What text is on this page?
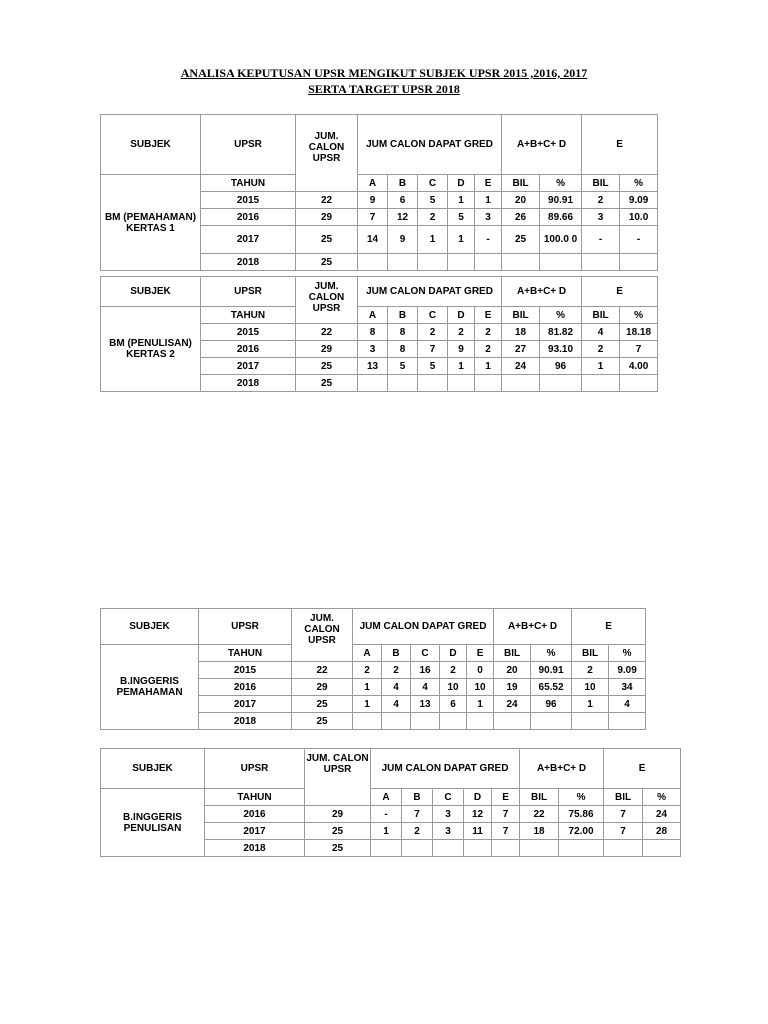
ANALISA KEPUTUSAN UPSR MENGIKUT SUBJEK UPSR 2015 ,2016, 2017
SERTA TARGET UPSR 2018
SUBJEK	UPSR	JUM. CALON UPSR	JUM CALON DAPAT GRED					A+B+C+ D		E	
BM (PEMAHAMAN) KERTAS 1	TAHUN		A	B	C	D	E	BIL	%	BIL	%
	2015	22	9	6	5	1	1	20	90.91	2	9.09
	2016	29	7	12	2	5	3	26	89.66	3	10.0
	2017	25	14	9	1	1	-	25	100.0 0	-	-
	2018	25									
SUBJEK	UPSR	JUM. CALON UPSR	JUM CALON DAPAT GRED					A+B+C+ D		E	
BM (PENULISAN) KERTAS 2	TAHUN		A	B	C	D	E	BIL	%	BIL	%
	2015	22	8	8	2	2	2	18	81.82	4	18.18
	2016	29	3	8	7	9	2	27	93.10	2	7
	2017	25	13	5	5	1	1	24	96	1	4.00
	2018	25									
SUBJEK	UPSR	JUM. CALON UPSR	JUM CALON DAPAT GRED					A+B+C+ D		E	
B.INGGERIS PEMAHAMAN	TAHUN		A	B	C	D	E	BIL	%	BIL	%
	2015	22	2	2	16	2	0	20	90.91	2	9.09
	2016	29	1	4	4	10	10	19	65.52	10	34
	2017	25	1	4	13	6	1	24	96	1	4
	2018	25									
SUBJEK	UPSR	JUM. CALON UPSR	JUM CALON DAPAT GRED					A+B+C+ D		E	
B.INGGERIS PENULISAN	TAHUN		A	B	C	D	E	BIL	%	BIL	%
	2016	29	-	7	3	12	7	22	75.86	7	24
	2017	25	1	2	3	11	7	18	72.00	7	28
	2018	25									
